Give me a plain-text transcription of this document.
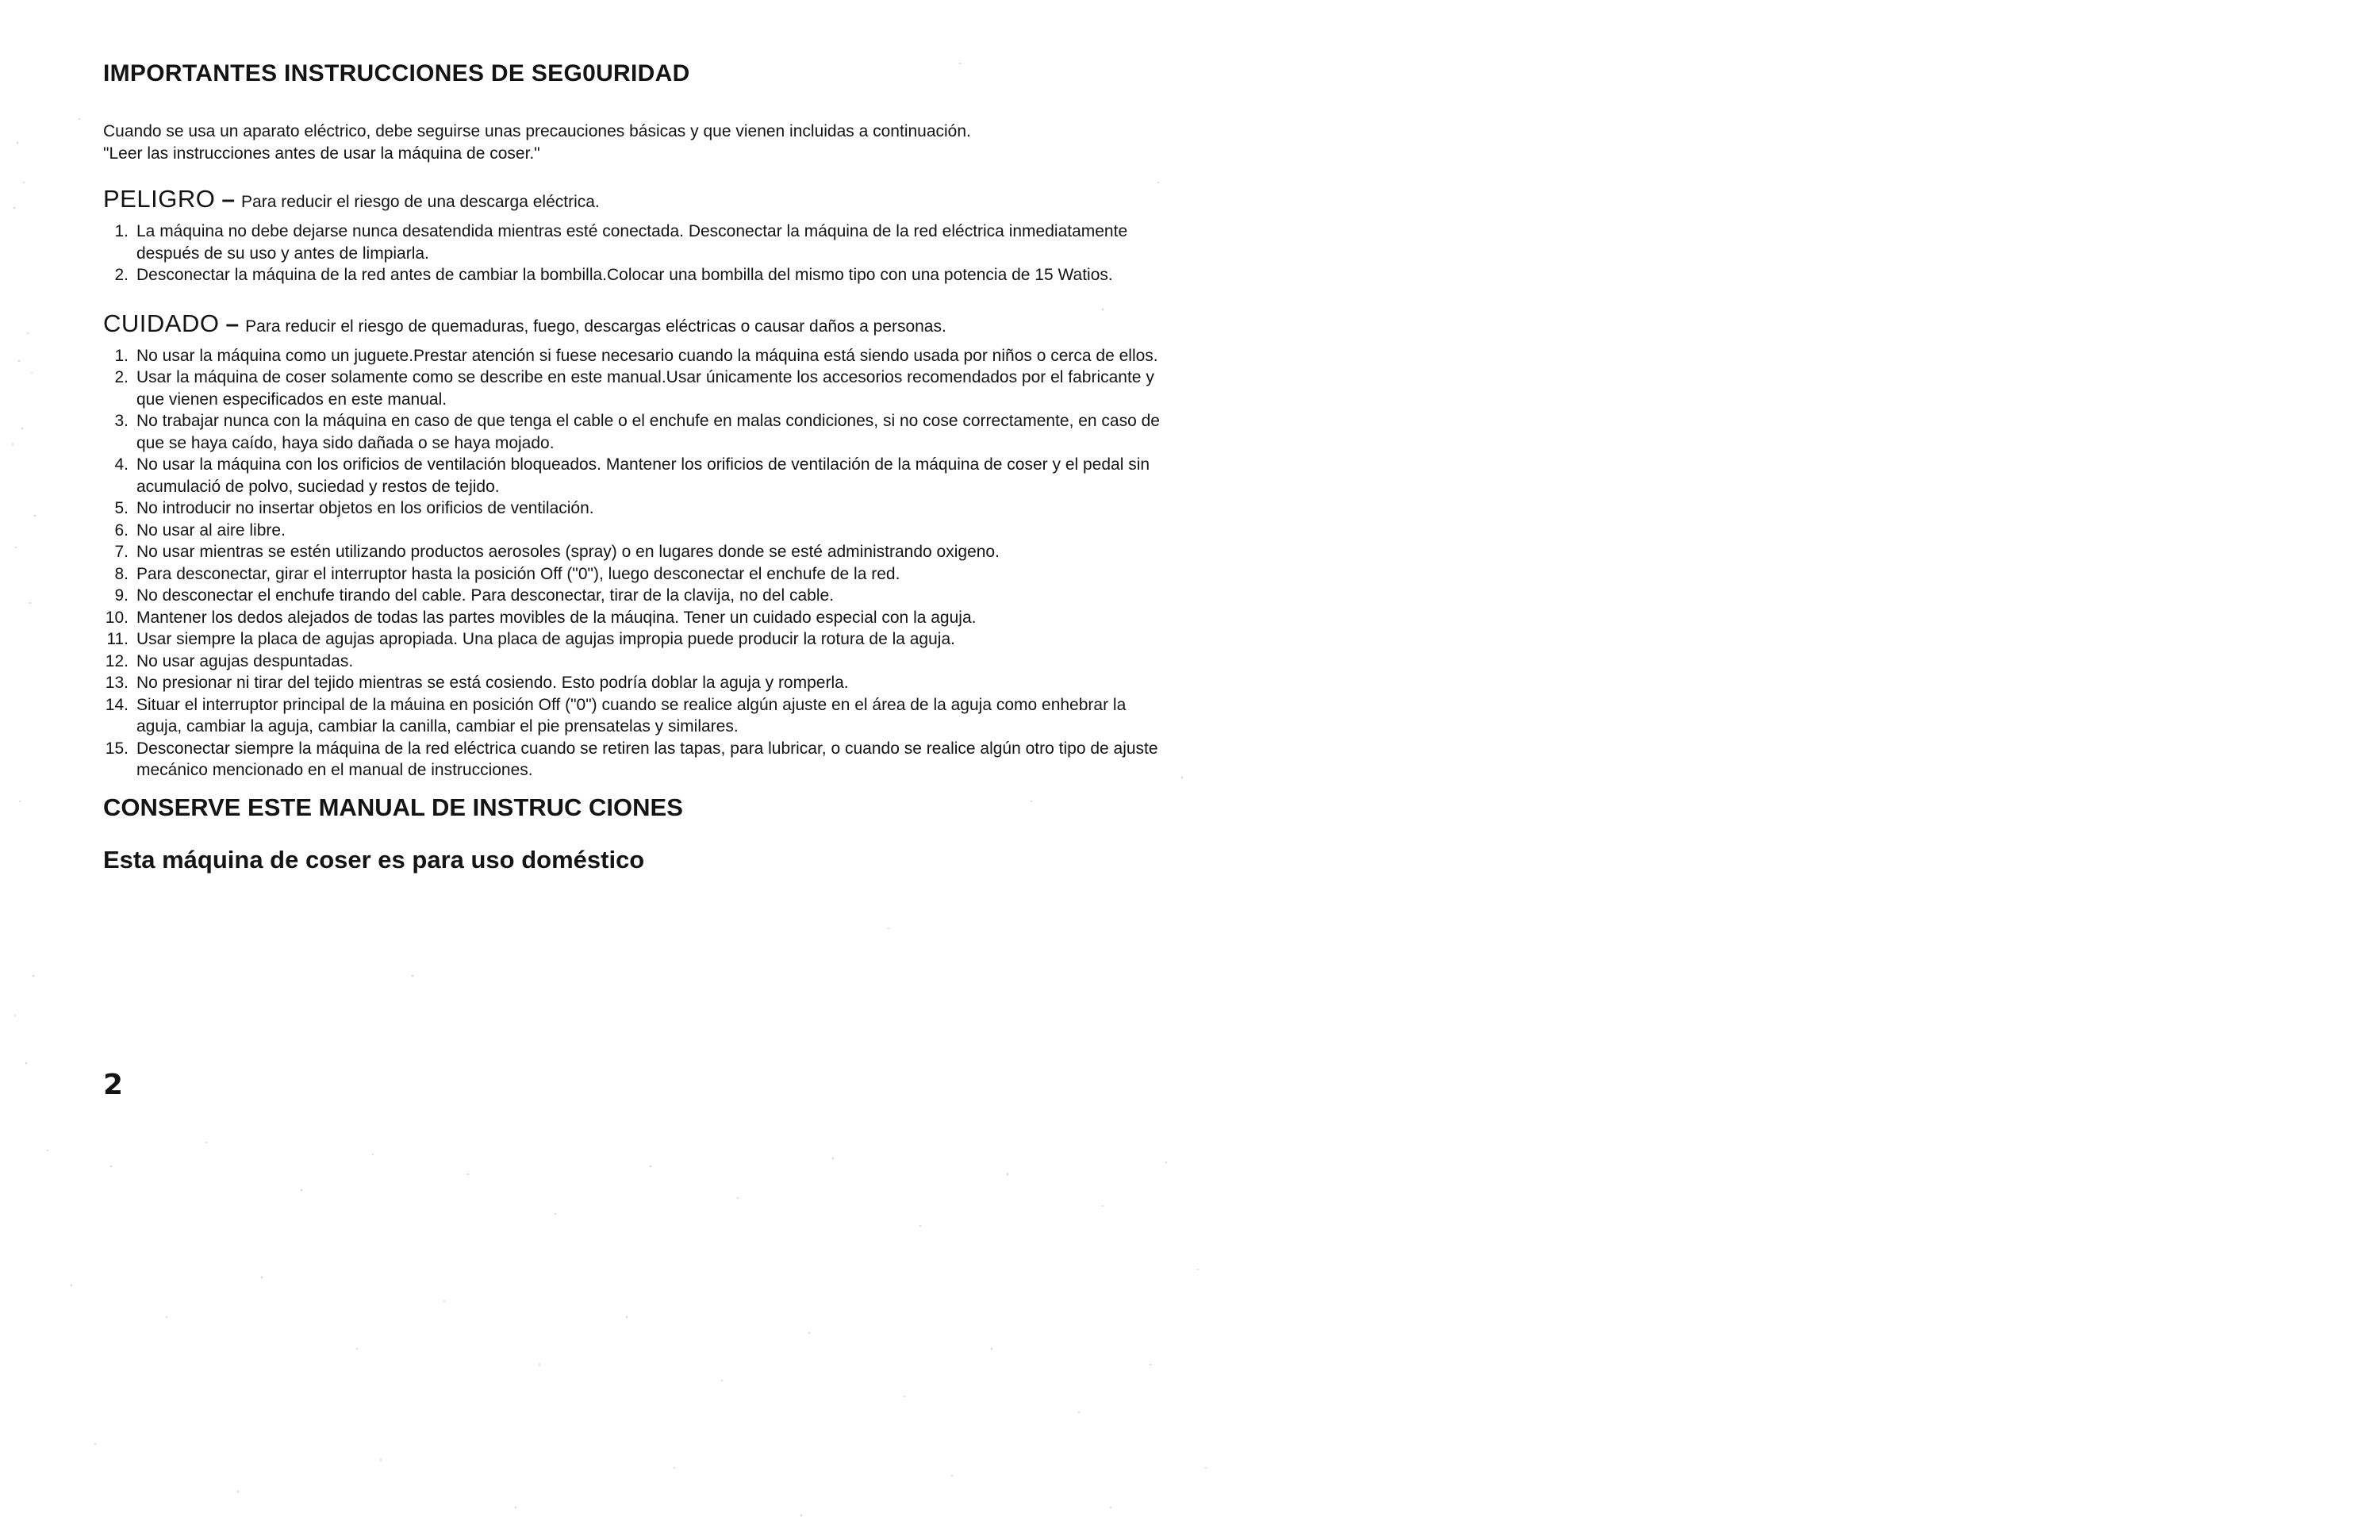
IMPORTANTES INSTRUCCIONES DE SEG0URIDAD

Cuando se usa un aparato eléctrico, debe seguirse unas precauciones básicas y que vienen incluidas a continuación.

"Leer las instrucciones antes de usar la máquina de coser."

PELIGRO – Para reducir el riesgo de una descarga eléctrica.
1. La máquina no debe dejarse nunca desatendida mientras esté conectada. Desconectar la máquina de la red eléctrica inmediatamente después de su uso y antes de limpiarla.
2. Desconectar la máquina de la red antes de cambiar la bombilla.Colocar una bombilla del mismo tipo con una potencia de 15 Watios.
CUIDADO – Para reducir el riesgo de quemaduras, fuego, descargas eléctricas o causar daños a personas.
1. No usar la máquina como un juguete.Prestar atención si fuese necesario cuando la máquina está siendo usada por niños o cerca de ellos.
2. Usar la máquina de coser solamente como se describe en este manual.Usar únicamente los accesorios recomendados por el fabricante y que vienen especificados en este manual.
3. No trabajar nunca con la máquina en caso de que tenga el cable o el enchufe en malas condiciones, si no cose correctamente, en caso de que se haya caído, haya sido dañada o se haya mojado.
4. No usar la máquina con los orificios de ventilación bloqueados. Mantener los orificios de ventilación de la máquina de coser y el pedal sin acumulació de polvo, suciedad y restos de tejido.
5. No introducir no insertar objetos en los orificios de ventilación.
6. No usar al aire libre.
7. No usar mientras se estén utilizando productos aerosoles (spray) o en lugares donde se esté administrando oxigeno.
8. Para desconectar, girar el interruptor hasta la posición Off ("0"), luego desconectar el enchufe de la red.
9. No desconectar el enchufe tirando del cable. Para desconectar, tirar de la clavija, no del cable.
10. Mantener los dedos alejados de todas las partes movibles de la máuqina. Tener un cuidado especial con la aguja.
11. Usar siempre la placa de agujas apropiada. Una placa de agujas impropia puede producir la rotura de la aguja.
12. No usar agujas despuntadas.
13. No presionar ni tirar del tejido mientras se está cosiendo. Esto podría doblar la aguja y romperla.
14. Situar el interruptor principal de la máuina en posición Off ("0") cuando se realice algún ajuste en el área de la aguja como enhebrar la aguja, cambiar la aguja, cambiar la canilla, cambiar el pie prensatelas y similares.
15. Desconectar siempre la máquina de la red eléctrica cuando se retiren las tapas, para lubricar, o cuando se realice algún otro tipo de ajuste mecánico mencionado en el manual de instrucciones.
CONSERVE ESTE MANUAL DE INSTRUC CIONES
Esta máquina de coser es para uso doméstico
2
